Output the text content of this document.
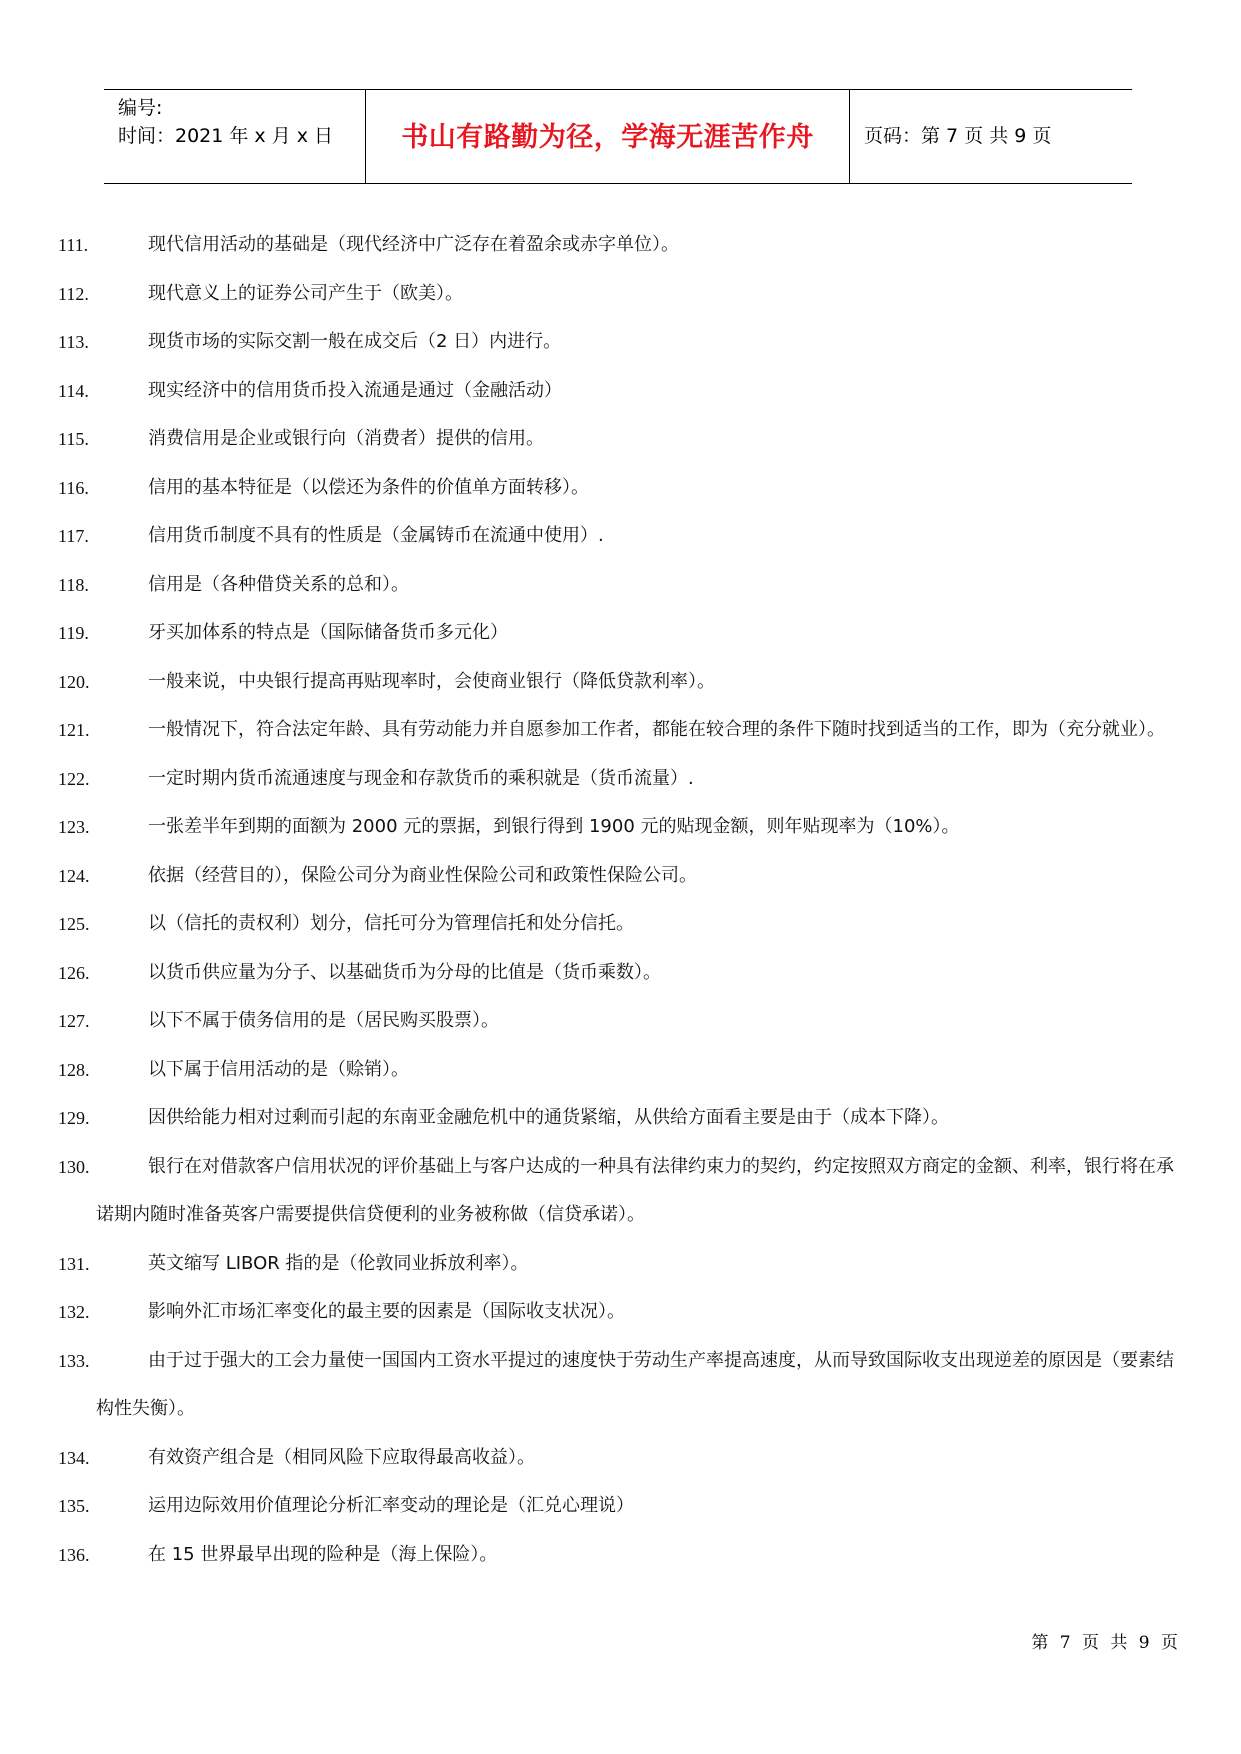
编号:
时间：2021 年 x 月 x 日	书山有路勤为径，学海无涯苦作舟	页码：第 7 页 共 9 页
111.	现代信用活动的基础是（现代经济中广泛存在着盈余或赤字单位）。
112.	现代意义上的证券公司产生于（欧美）。
113.	现货市场的实际交割一般在成交后（2 日）内进行。
114.	现实经济中的信用货币投入流通是通过（金融活动）
115.	消费信用是企业或银行向（消费者）提供的信用。
116.	信用的基本特征是（以偿还为条件的价值单方面转移）。
117.	信用货币制度不具有的性质是（金属铸币在流通中使用）.
118.	信用是（各种借贷关系的总和）。
119.	牙买加体系的特点是（国际储备货币多元化）
120.	一般来说，中央银行提高再贴现率时，会使商业银行（降低贷款利率）。
121.	一般情况下，符合法定年龄、具有劳动能力并自愿参加工作者，都能在较合理的条件下随时找到适当的工作，即为（充分就业）。
122.	一定时期内货币流通速度与现金和存款货币的乘积就是（货币流量）.
123.	一张差半年到期的面额为 2000 元的票据，到银行得到 1900 元的贴现金额，则年贴现率为（10%）。
124.	依据（经营目的），保险公司分为商业性保险公司和政策性保险公司。
125.	以（信托的责权利）划分，信托可分为管理信托和处分信托。
126.	以货币供应量为分子、以基础货币为分母的比值是（货币乘数）。
127.	以下不属于债务信用的是（居民购买股票）。
128.	以下属于信用活动的是（赊销）。
129.	因供给能力相对过剩而引起的东南亚金融危机中的通货紧缩，从供给方面看主要是由于（成本下降）。
130.	银行在对借款客户信用状况的评价基础上与客户达成的一种具有法律约束力的契约，约定按照双方商定的金额、利率，银行将在承诺期内随时准备英客户需要提供信贷便利的业务被称做（信贷承诺）。
131.	英文缩写 LIBOR 指的是（伦敦同业拆放利率）。
132.	影响外汇市场汇率变化的最主要的因素是（国际收支状况）。
133.	由于过于强大的工会力量使一国国内工资水平提过的速度快于劳动生产率提高速度，从而导致国际收支出现逆差的原因是（要素结构性失衡）。
134.	有效资产组合是（相同风险下应取得最高收益）。
135.	运用边际效用价值理论分析汇率变动的理论是（汇兑心理说）
136.	在 15 世界最早出现的险种是（海上保险）。
第 7 页 共 9 页
